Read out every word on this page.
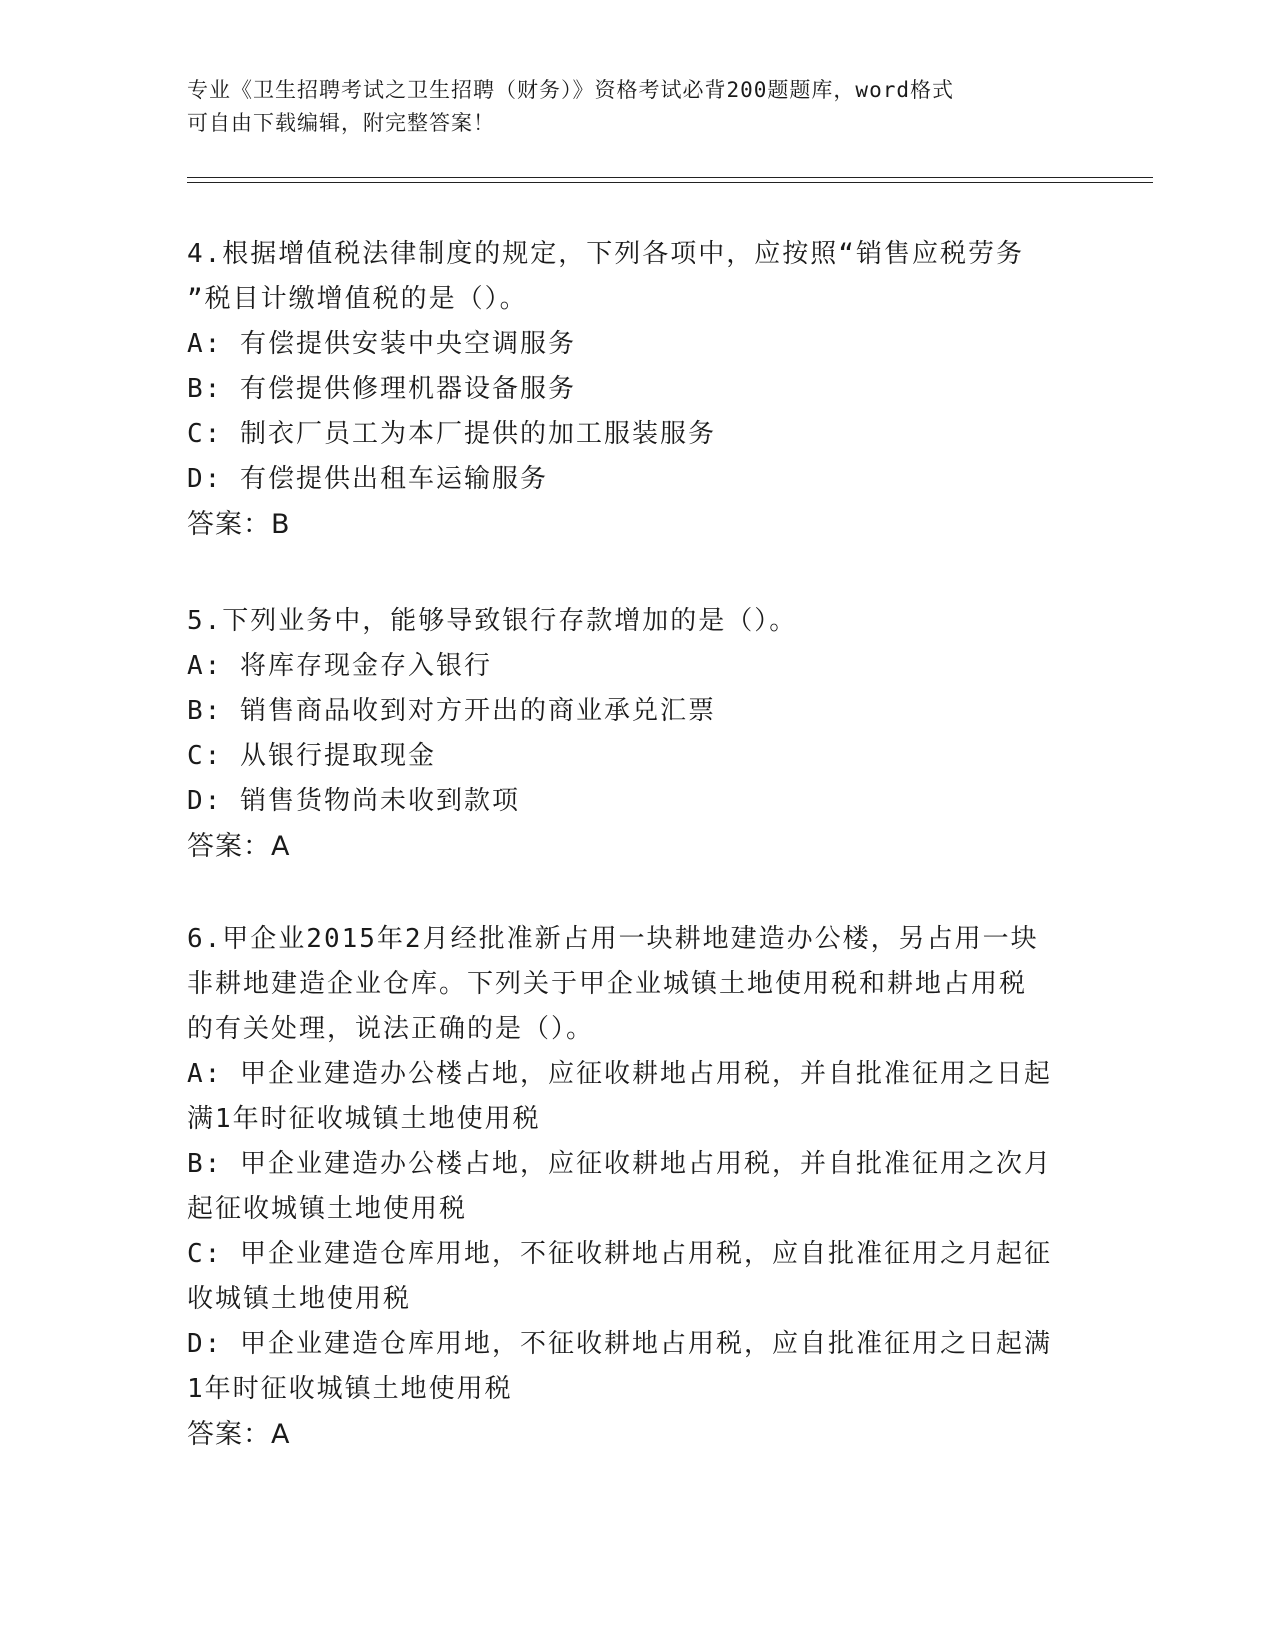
专业《卫生招聘考试之卫生招聘（财务）》资格考试必背200题题库，word格式
可自由下载编辑，附完整答案！

4.根据增值税法律制度的规定，下列各项中，应按照“销售应税劳务

”税目计缴增值税的是（）。

A: 有偿提供安装中央空调服务

B: 有偿提供修理机器设备服务

C: 制衣厂员工为本厂提供的加工服装服务

D: 有偿提供出租车运输服务

答案：B

5.下列业务中，能够导致银行存款增加的是（）。

A: 将库存现金存入银行

B: 销售商品收到对方开出的商业承兑汇票

C: 从银行提取现金

D: 销售货物尚未收到款项

答案：A

6.甲企业2015年2月经批准新占用一块耕地建造办公楼，另占用一块

非耕地建造企业仓库。下列关于甲企业城镇土地使用税和耕地占用税

的有关处理，说法正确的是（）。

A: 甲企业建造办公楼占地，应征收耕地占用税，并自批准征用之日起

满1年时征收城镇土地使用税

B: 甲企业建造办公楼占地，应征收耕地占用税，并自批准征用之次月

起征收城镇土地使用税

C: 甲企业建造仓库用地，不征收耕地占用税，应自批准征用之月起征

收城镇土地使用税

D: 甲企业建造仓库用地，不征收耕地占用税，应自批准征用之日起满

1年时征收城镇土地使用税

答案：A
